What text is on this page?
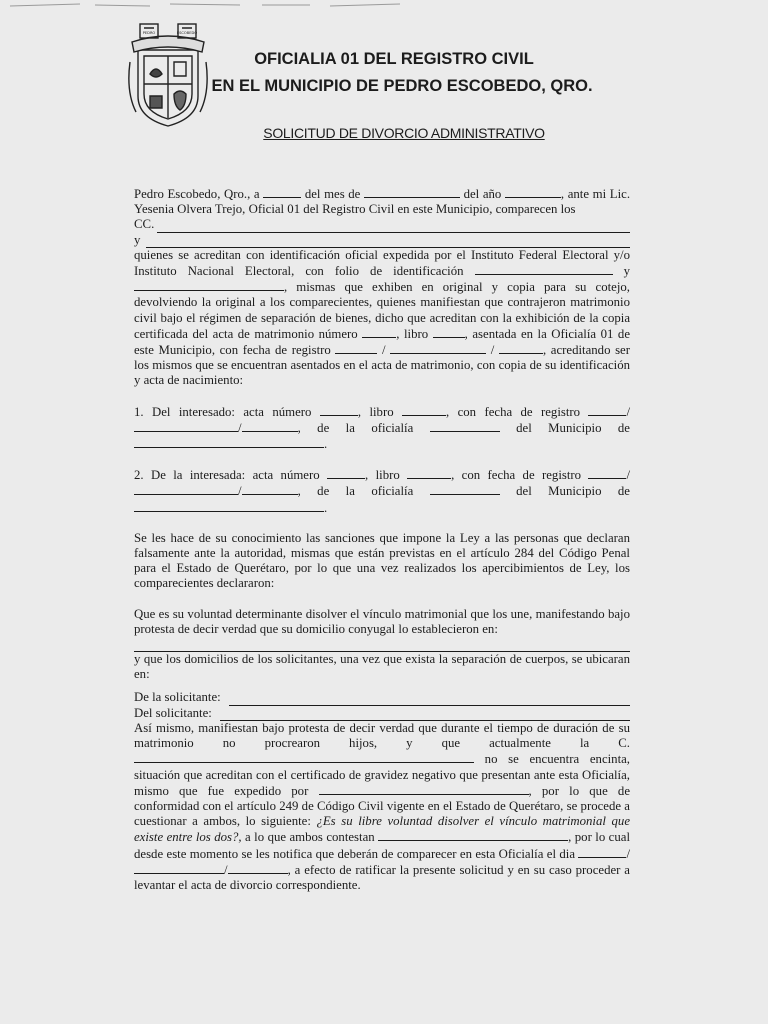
PEDRO	ESCOBEDO
OFICIALIA 01 DEL REGISTRO CIVIL
EN EL MUNICIPIO DE PEDRO ESCOBEDO, QRO.
SOLICITUD DE DIVORCIO ADMINISTRATIVO

Pedro Escobedo, Qro., a	del mes de	del año	, ante mi Lic. Yesenia Olvera Trejo, Oficial 01 del Registro Civil en este Municipio, comparecen los

CC.

y

quienes se acreditan con identificación oficial expedida por el Instituto Federal Electoral y/o Instituto Nacional Electoral, con folio de identificación	y , mismas que exhiben en original y copia para su cotejo, devolviendo la original a los comparecientes, quienes manifiestan que contrajeron matrimonio civil bajo el régimen de separación de bienes, dicho que acreditan con la exhibición de la copia certificada del acta de matrimonio número	, libro	, asentada en la Oficialía 01 de este Municipio, con fecha de registro	/	/	, acreditando ser los mismos que se encuentran asentados en el acta de matrimonio, con copia de su identificación y acta de nacimiento:

1. Del interesado: acta número	, libro	, con fecha de registro	//	, de la oficialía	del Municipio de .

2. De la interesada: acta número	, libro	, con fecha de registro	//	, de la oficialía	del Municipio de .

Se les hace de su conocimiento las sanciones que impone la Ley a las personas que declaran falsamente ante la autoridad, mismas que están previstas en el artículo 284 del Código Penal para el Estado de Querétaro, por lo que una vez realizados los apercibimientos de Ley, los comparecientes declararon:

Que es su voluntad determinante disolver el vínculo matrimonial que los une, manifestando bajo protesta de decir verdad que su domicilio conyugal lo establecieron en:

y que los domicilios de los solicitantes, una vez que exista la separación de cuerpos, se ubicaran en:

De la solicitante:

Del solicitante:

Así mismo, manifiestan bajo protesta de decir verdad que durante el tiempo de duración de su matrimonio no procrearon hijos, y que actualmente la C.  no se encuentra encinta, situación que acreditan con el certificado de gravidez negativo que presentan ante esta Oficialía, mismo que fue expedido por	, por lo que de conformidad con el artículo 249 de Código Civil vigente en el Estado de Querétaro, se procede a cuestionar a ambos, lo siguiente: ¿Es su libre voluntad disolver el vínculo matrimonial que existe entre los dos?, a lo que ambos contestan	, por lo cual desde este momento se les notifica que deberán de comparecer en esta Oficialía el dia	//	, a efecto de ratificar la presente solicitud y en su caso proceder a levantar el acta de divorcio correspondiente.
